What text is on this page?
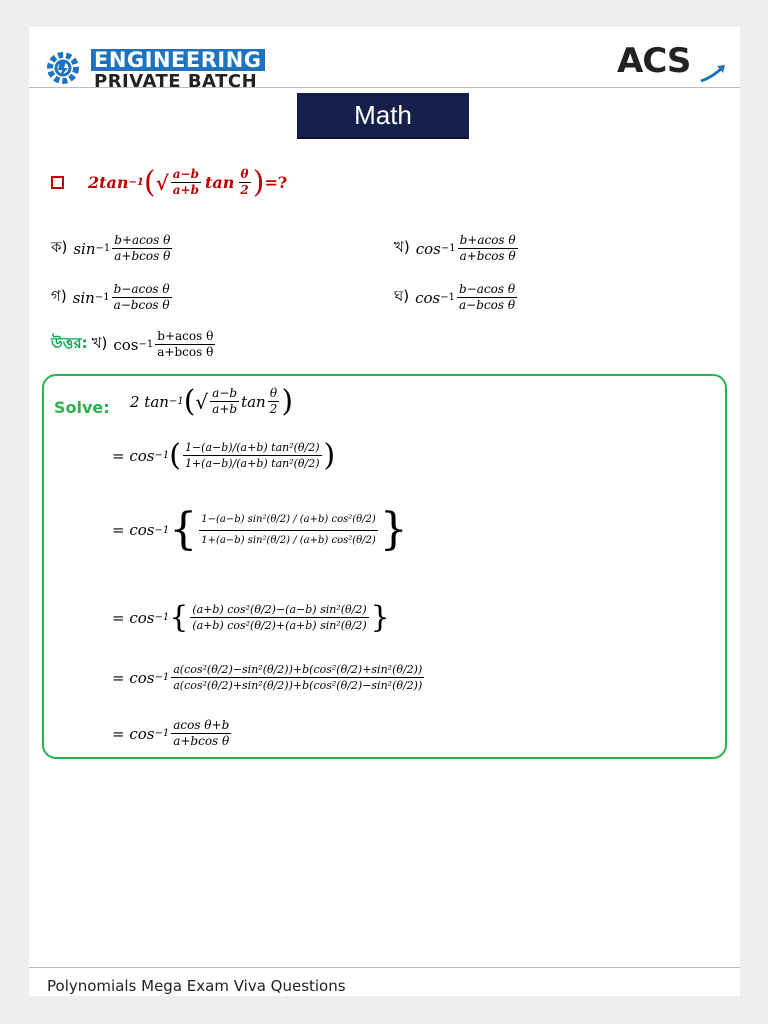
ENGINEERING
PRIVATE BATCH
ACS
Math
2tan −1 ( √ $\frac{a-b}{a+b}$ $\tan \frac{\theta}{2}$ ) =?
ক) $\sin -1 \frac{\text{b+acos θ}}{\text{a+bcos θ}}$	খ) $\cos -1 \frac{\text{b+acos θ}}{\text{a+bcos θ}}$
গ) $\sin -1 \frac{\text{b−acos θ}}{\text{a−bcos θ}}$	ঘ) $\cos -1 \frac{\text{b−acos θ}}{\text{a−bcos θ}}$
উত্তর: খ) $\cos -1 \frac{\text{b+acos θ}}{\text{a+bcos θ}}$
Solve: 2 tan −1 ( √ $\frac{a-b}{a+b}$ $\tan \frac{\theta}{2}$ )
= cos −1 ( $\frac{\text{1−(a−b)/(a+b) tan²(θ/2)}}{\text{1+(a−b)/(a+b) tan²(θ/2)}}$ )
= cos −1 { $\frac{\text{1−(a−b) sin²(θ/2) / (a+b) cos²(θ/2)}}{\text{1+(a−b) sin²(θ/2) / (a+b) cos²(θ/2)}}$ }
= cos −1 { $\frac{\text{(a+b) cos²(θ/2)−(a−b) sin²(θ/2)}}{\text{(a+b) cos²(θ/2)+(a+b) sin²(θ/2)}}$ }
= $\cos -1 \frac{\text{a(cos²(θ/2)−sin²(θ/2))+b(cos²(θ/2)+sin²(θ/2))}}{\text{a(cos²(θ/2)+sin²(θ/2))+b(cos²(θ/2)−sin²(θ/2))}}$
= $\cos -1 \frac{\text{acos θ+b}}{\text{a+bcos θ}}$
Polynomials Mega Exam Viva Questions
